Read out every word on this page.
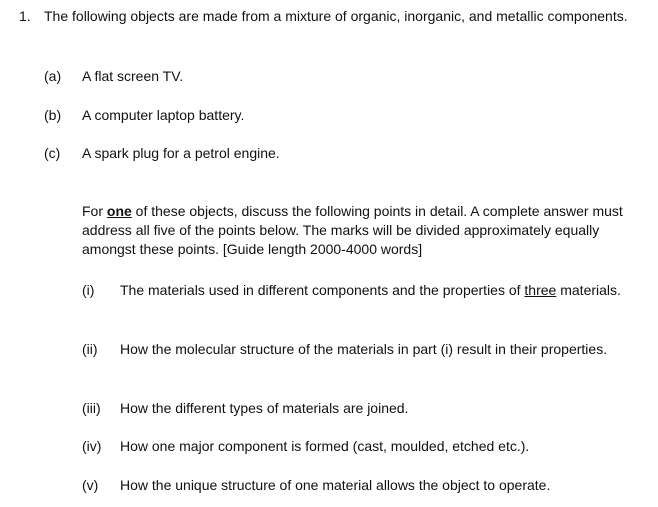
1. The following objects are made from a mixture of organic, inorganic, and metallic components.
(a) A flat screen TV.
(b) A computer laptop battery.
(c) A spark plug for a petrol engine.

For one of these objects, discuss the following points in detail. A complete answer must address all five of the points below. The marks will be divided approximately equally amongst these points. [Guide length 2000-4000 words]

(i) The materials used in different components and the properties of three materials.

(ii) How the molecular structure of the materials in part (i) result in their properties.
(iii) How the different types of materials are joined.
(iv) How one major component is formed (cast, moulded, etched etc.).
(v) How the unique structure of one material allows the object to operate.
